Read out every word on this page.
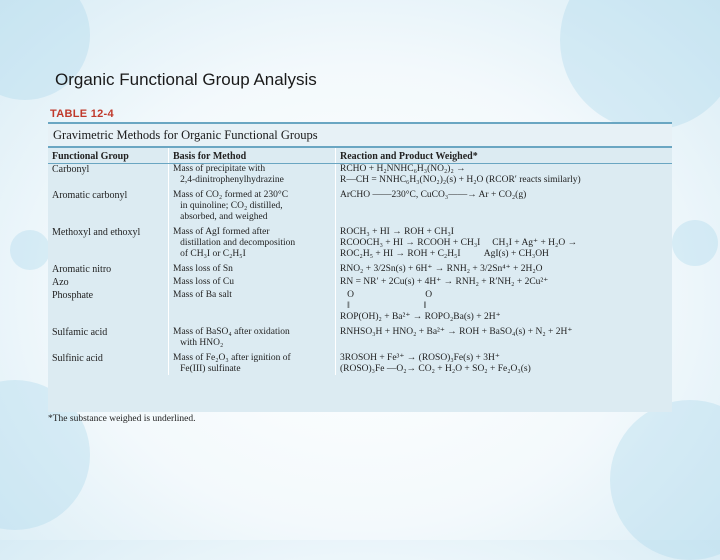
Organic Functional Group Analysis
TABLE 12-4
Gravimetric Methods for Organic Functional Groups
Functional Group	Basis for Method	Reaction and Product Weighed*
Carbonyl	Mass of precipitate with
2,4-dinitrophenylhydrazine	RCHO + H₂NNHC₆H₃(NO₂)₂ →
R—CH = NNHC₆H₃(NO₂)₂(s) + H₂O (RCOR′ reacts similarly)
Aromatic carbonyl	Mass of CO₂ formed at 230°C
in quinoline; CO₂ distilled,
absorbed, and weighed	ArCHO ——230°C, CuCO₃——→ Ar + CO₂(g)
Methoxyl and ethoxyl	Mass of AgI formed after
distillation and decomposition
of CH₃I or C₂H₅I	ROCH₃ + HI → ROH + CH₃I
RCOOCH₃ + HI → RCOOH + CH₃I     CH₃I + Ag⁺ + H₂O →
ROC₂H₅ + HI → ROH + C₂H₅I          AgI(s) + CH₃OH
Aromatic nitro	Mass loss of Sn	RNO₂ + 3/2Sn(s) + 6H⁺ → RNH₂ + 3/2Sn⁴⁺ + 2H₂O
Azo	Mass loss of Cu	RN = NR′ + 2Cu(s) + 4H⁺ → RNH₂ + R′NH₂ + 2Cu²⁺
Phosphate	Mass of Ba salt	O                              O
‖                               ‖
ROP(OH)₂ + Ba²⁺ → ROPO₂Ba(s) + 2H⁺
Sulfamic acid	Mass of BaSO₄ after oxidation
with HNO₂	RNHSO₃H + HNO₂ + Ba²⁺ → ROH + BaSO₄(s) + N₂ + 2H⁺
Sulfinic acid	Mass of Fe₂O₃ after ignition of
Fe(III) sulfinate	3ROSOH + Fe³⁺ → (ROSO)₃Fe(s) + 3H⁺
(ROSO)₃Fe —O₂→ CO₂ + H₂O + SO₂ + Fe₂O₃(s)
*The substance weighed is underlined.
